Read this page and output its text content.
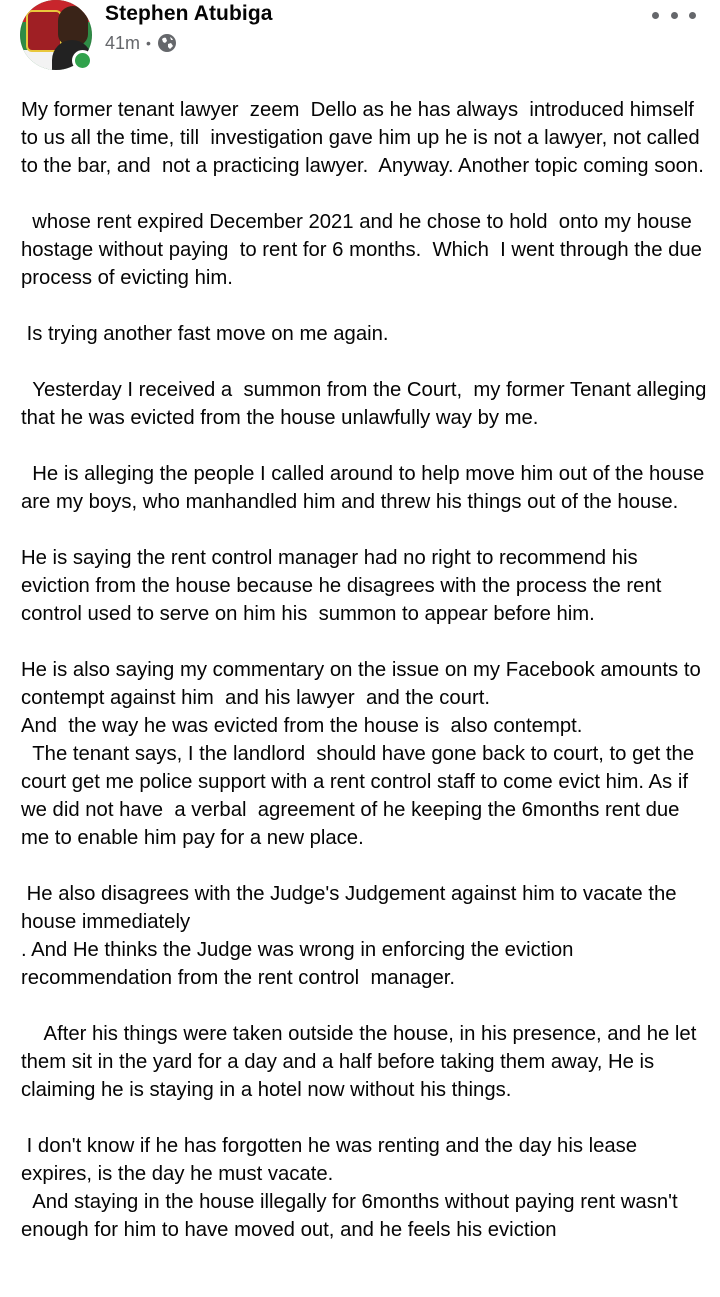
Stephen Atubiga
41m •

My former tenant lawyer  zeem  Dello as he has always  introduced himself to us all the time, till  investigation gave him up he is not a lawyer, not called to the bar, and  not a practicing lawyer.  Anyway. Another topic coming soon.

whose rent expired December 2021 and he chose to hold  onto my house hostage without paying  to rent for 6 months.  Which  I went through the due process of evicting him.

Is trying another fast move on me again.

Yesterday I received a  summon from the Court,  my former Tenant alleging that he was evicted from the house unlawfully way by me.

He is alleging the people I called around to help move him out of the house are my boys, who manhandled him and threw his things out of the house.

He is saying the rent control manager had no right to recommend his eviction from the house because he disagrees with the process the rent control used to serve on him his  summon to appear before him.

He is also saying my commentary on the issue on my Facebook amounts to  contempt against him  and his lawyer  and the court.
And  the way he was evicted from the house is  also contempt.
The tenant says, I the landlord  should have gone back to court, to get the court get me police support with a rent control staff to come evict him. As if we did not have  a verbal  agreement of he keeping the 6months rent due me to enable him pay for a new place.

He also disagrees with the Judge's Judgement against him to vacate the house immediately
. And He thinks the Judge was wrong in enforcing the eviction recommendation from the rent control  manager.

After his things were taken outside the house, in his presence, and he let them sit in the yard for a day and a half before taking them away, He is claiming he is staying in a hotel now without his things.

I don't know if he has forgotten he was renting and the day his lease expires, is the day he must vacate.
And staying in the house illegally for 6months without paying rent wasn't enough for him to have moved out, and he feels his eviction
